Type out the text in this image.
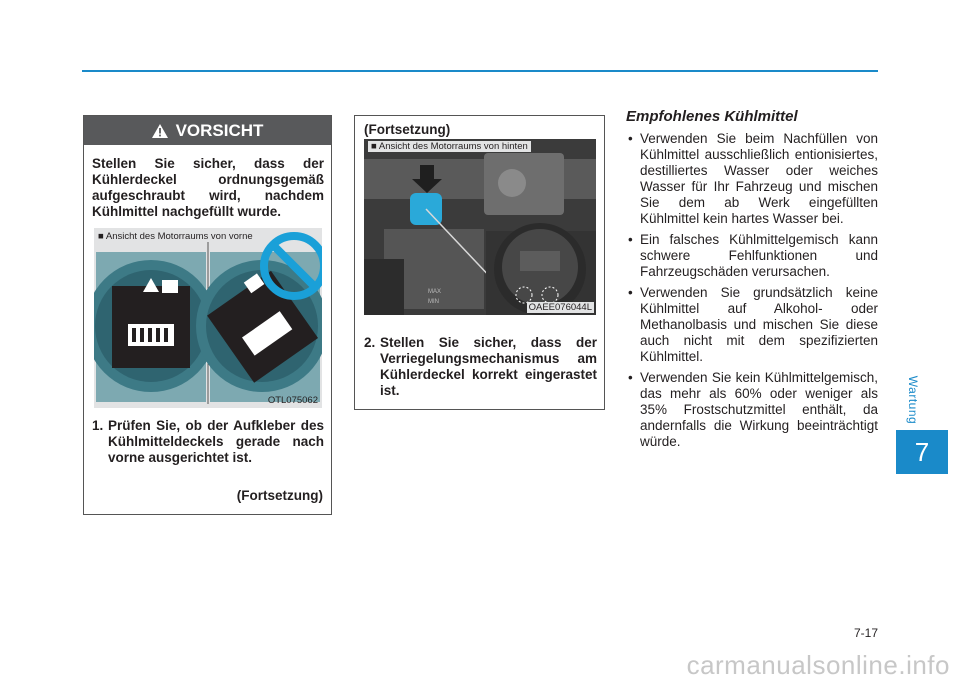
VORSICHT
Stellen Sie sicher, dass der Kühlerdeckel ordnungsgemäß aufgeschraubt wird, nachdem Kühlmittel nachgefüllt wurde.
■ Ansicht des Motorraums von vorne
OTL075062
1. Prüfen Sie, ob der Aufkleber des Kühlmitteldeckels gerade nach vorne ausgerichtet ist.
(Fortsetzung)
(Fortsetzung)
MAX
MIN
■ Ansicht des Motorraums von hinten
OAEE076044L
2. Stellen Sie sicher, dass der Verriegelungsmechanismus am Kühlerdeckel korrekt eingerastet ist.
Empfohlenes Kühlmittel
• Verwenden Sie beim Nachfüllen von Kühlmittel ausschließlich entionisiertes, destilliertes Wasser oder weiches Wasser für Ihr Fahrzeug und mischen Sie dem ab Werk eingefüllten Kühlmittel kein hartes Wasser bei.
• Ein falsches Kühlmittelgemisch kann schwere Fehlfunktionen und Fahrzeugschäden verursachen.
• Verwenden Sie grundsätzlich keine Kühlmittel auf Alkohol- oder Methanolbasis und mischen Sie diese auch nicht mit dem spezifizierten Kühlmittel.
• Verwenden Sie kein Kühlmittelgemisch, das mehr als 60% oder weniger als 35% Frostschutzmittel enthält, da andernfalls die Wirkung beeinträchtigt würde.
Wartung
7
7-17
carmanualsonline.info
